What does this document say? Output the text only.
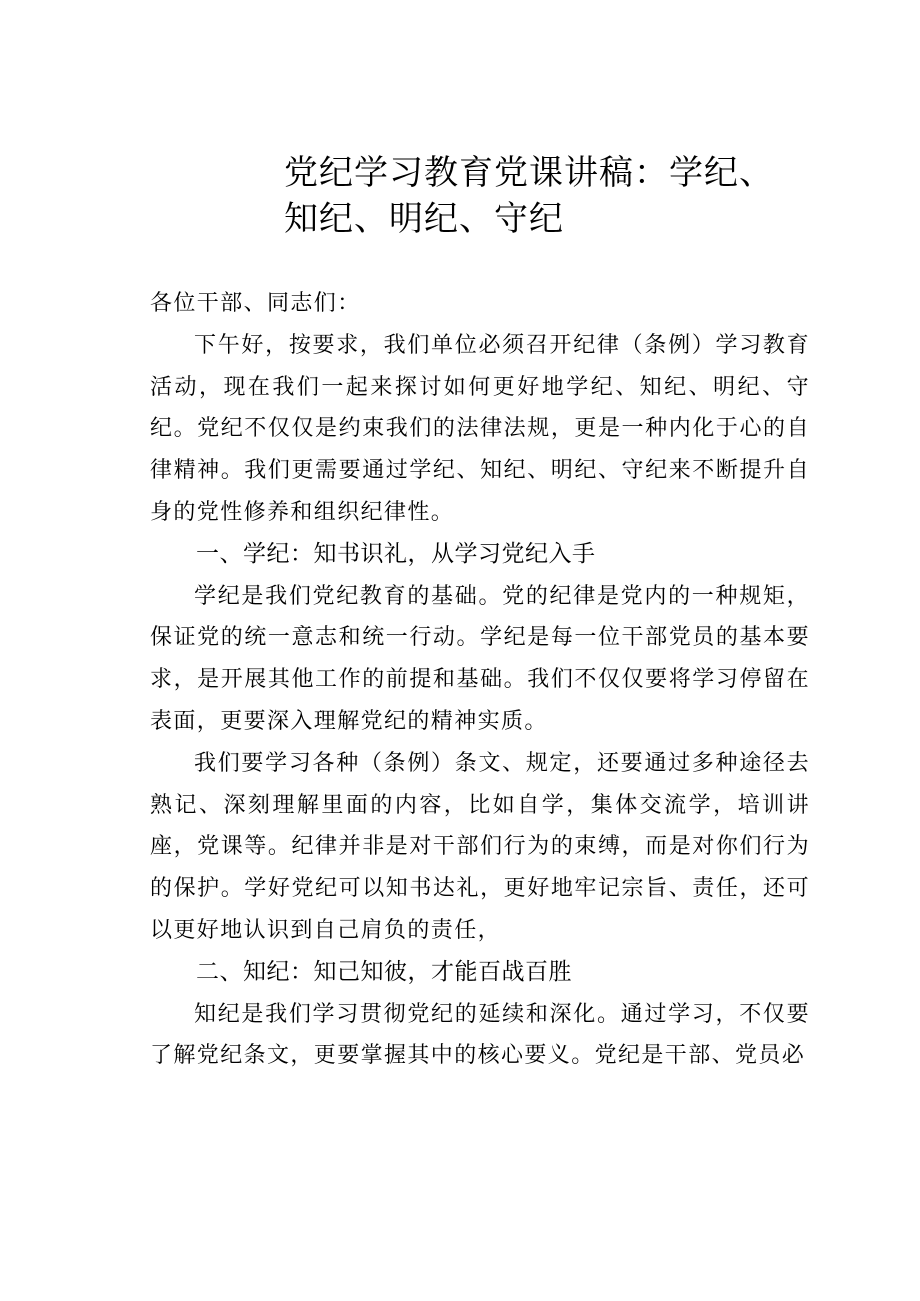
党纪学习教育党课讲稿：学纪、知纪、明纪、守纪

各位干部、同志们：

下午好，按要求，我们单位必须召开纪律（条例）学习教育活动，现在我们一起来探讨如何更好地学纪、知纪、明纪、守纪。党纪不仅仅是约束我们的法律法规，更是一种内化于心的自律精神。我们更需要通过学纪、知纪、明纪、守纪来不断提升自身的党性修养和组织纪律性。

一、学纪：知书识礼，从学习党纪入手

学纪是我们党纪教育的基础。党的纪律是党内的一种规矩，保证党的统一意志和统一行动。学纪是每一位干部党员的基本要求，是开展其他工作的前提和基础。我们不仅仅要将学习停留在表面，更要深入理解党纪的精神实质。

我们要学习各种（条例）条文、规定，还要通过多种途径去熟记、深刻理解里面的内容，比如自学，集体交流学，培训讲座，党课等。纪律并非是对干部们行为的束缚，而是对你们行为的保护。学好党纪可以知书达礼，更好地牢记宗旨、责任，还可以更好地认识到自己肩负的责任，

二、知纪：知己知彼，才能百战百胜

知纪是我们学习贯彻党纪的延续和深化。通过学习，不仅要了解党纪条文，更要掌握其中的核心要义。党纪是干部、党员必
